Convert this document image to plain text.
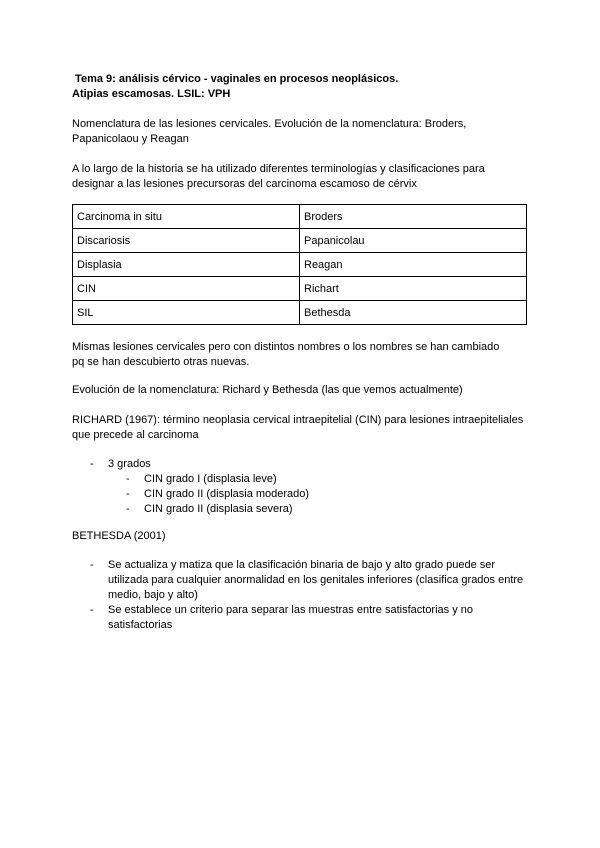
Tema 9: análisis cérvico - vaginales en procesos neoplásicos.
Atipias escamosas. LSIL: VPH
Nomenclatura de las lesiones cervicales. Evolución de la nomenclatura: Broders, Papanicolaou y Reagan
A lo largo de la historia se ha utilizado diferentes terminologías y clasificaciones para designar a las lesiones precursoras del carcinoma escamoso de cérvix
Carcinoma in situ	Broders
Discariosis	Papanicolau
Displasia	Reagan
CIN	Richart
SIL	Bethesda
Mismas lesiones cervicales pero con distintos nombres o los nombres se han cambiado pq se han descubierto otras nuevas.
Evolución de la nomenclatura: Richard y Bethesda (las que vemos actualmente)
RICHARD (1967): término neoplasia cervical intraepitelial (CIN) para lesiones intraepiteliales que precede al carcinoma
- 3 grados
- CIN grado I (displasia leve)
- CIN grado II (displasia moderado)
- CIN grado II (displasia severa)
BETHESDA (2001)
- Se actualiza y matiza que la clasificación binaria de bajo y alto grado puede ser utilizada para cualquier anormalidad en los genitales inferiores (clasifica grados entre medio, bajo y alto)
- Se establece un criterio para separar las muestras entre satisfactorias y no satisfactorias
